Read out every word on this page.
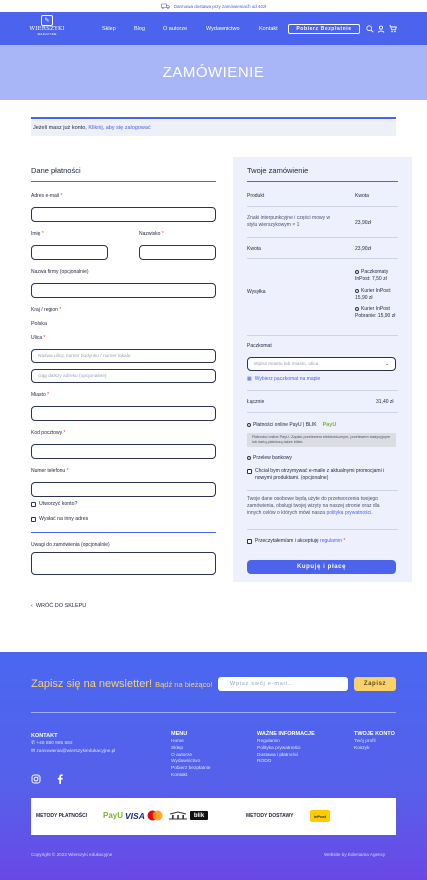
Darmowa dostawa przy zamówieniach od 40zł
✎
WIERSZYKI
EDUKACYJNE
Sklep	Blog	O autorze	Wydawnictwo	Kontakt	Pobierz Bezpłatnie
ZAMÓWIENIE
Jeżeli masz już konto, Kliknij, aby się zalogować
Dane płatności
Adres e-mail *
Imię *	Nazwisko *
Nazwa firmy (opcjonalnie)
Kraj / region *
Polska
Ulica *
Nazwa ulicy, numer budynku / numer lokalu
ciąg dalszy adresu (opcjonalnie)
Miasto *
Kod pocztowy *
Numer telefonu *
Utworzyć konto?
Wysłać na inny adres
Uwagi do zamówienia (opcjonalnie)
‹ WRÓĆ DO SKLEPU
Twoje zamówienie
Produkt	Kwota
Znaki interpunkcyjne i części mowy w stylu wierszykowym × 1	23,90zł
Kwota	23,90zł
Wysyłka
Paczkomaty InPost: 7,50 zł
Kurier InPost: 15,90 zł
Kurier InPost Pobranie: 15,90 zł
Paczkomat
Wpisz miasto lub miasto, ulica	⌄
▦ Wybierz paczkomat na mapie
Łącznie	31,40 zł
Płatności online PayU | BLIK PayU
Płatności online PayU. Zapłać przelewem elektronicznym, przelewem tradycyjnym lub kartą płatniczą także blikie.
Przelew bankowy
Chciał bym otrzymywać e-maile z aktualnymi promocjami i nowymi produktami. (opcjonalne)
Twoje dane osobowe będą użyte do przetworzenia twojego zamówienia, obsługi twojej wizyty na naszej stronie oraz dla innych celów o których mówi nasza polityka prywatności.
Przeczytałem/am i akceptuję regulamin *
Kupuję i płacę
Zapisz się na newsletter! Bądź na bieżąco!	Wpisz swój e-mail...	Zapisz
KONTAKT
✆ +48 880 985 582
✉ zamowienia@wierszykiedukacyjne.pl
MENU
Home
Sklep
O autorze
Wydawnictwo
Pobierz bezpłatnie
Kontakt
WAŻNE INFORMACJE
Regulamin
Polityka prywatności
Dostawa i płatności
RODO
TWOJE KONTO
Twój profil
Koszyk
METODY PŁATNOŚCI PayU VISA	blik	METODY DOSTAWY	inPost
Copyright © 2023 Wierszyki edukacyjne	Website by Edemama Agency
